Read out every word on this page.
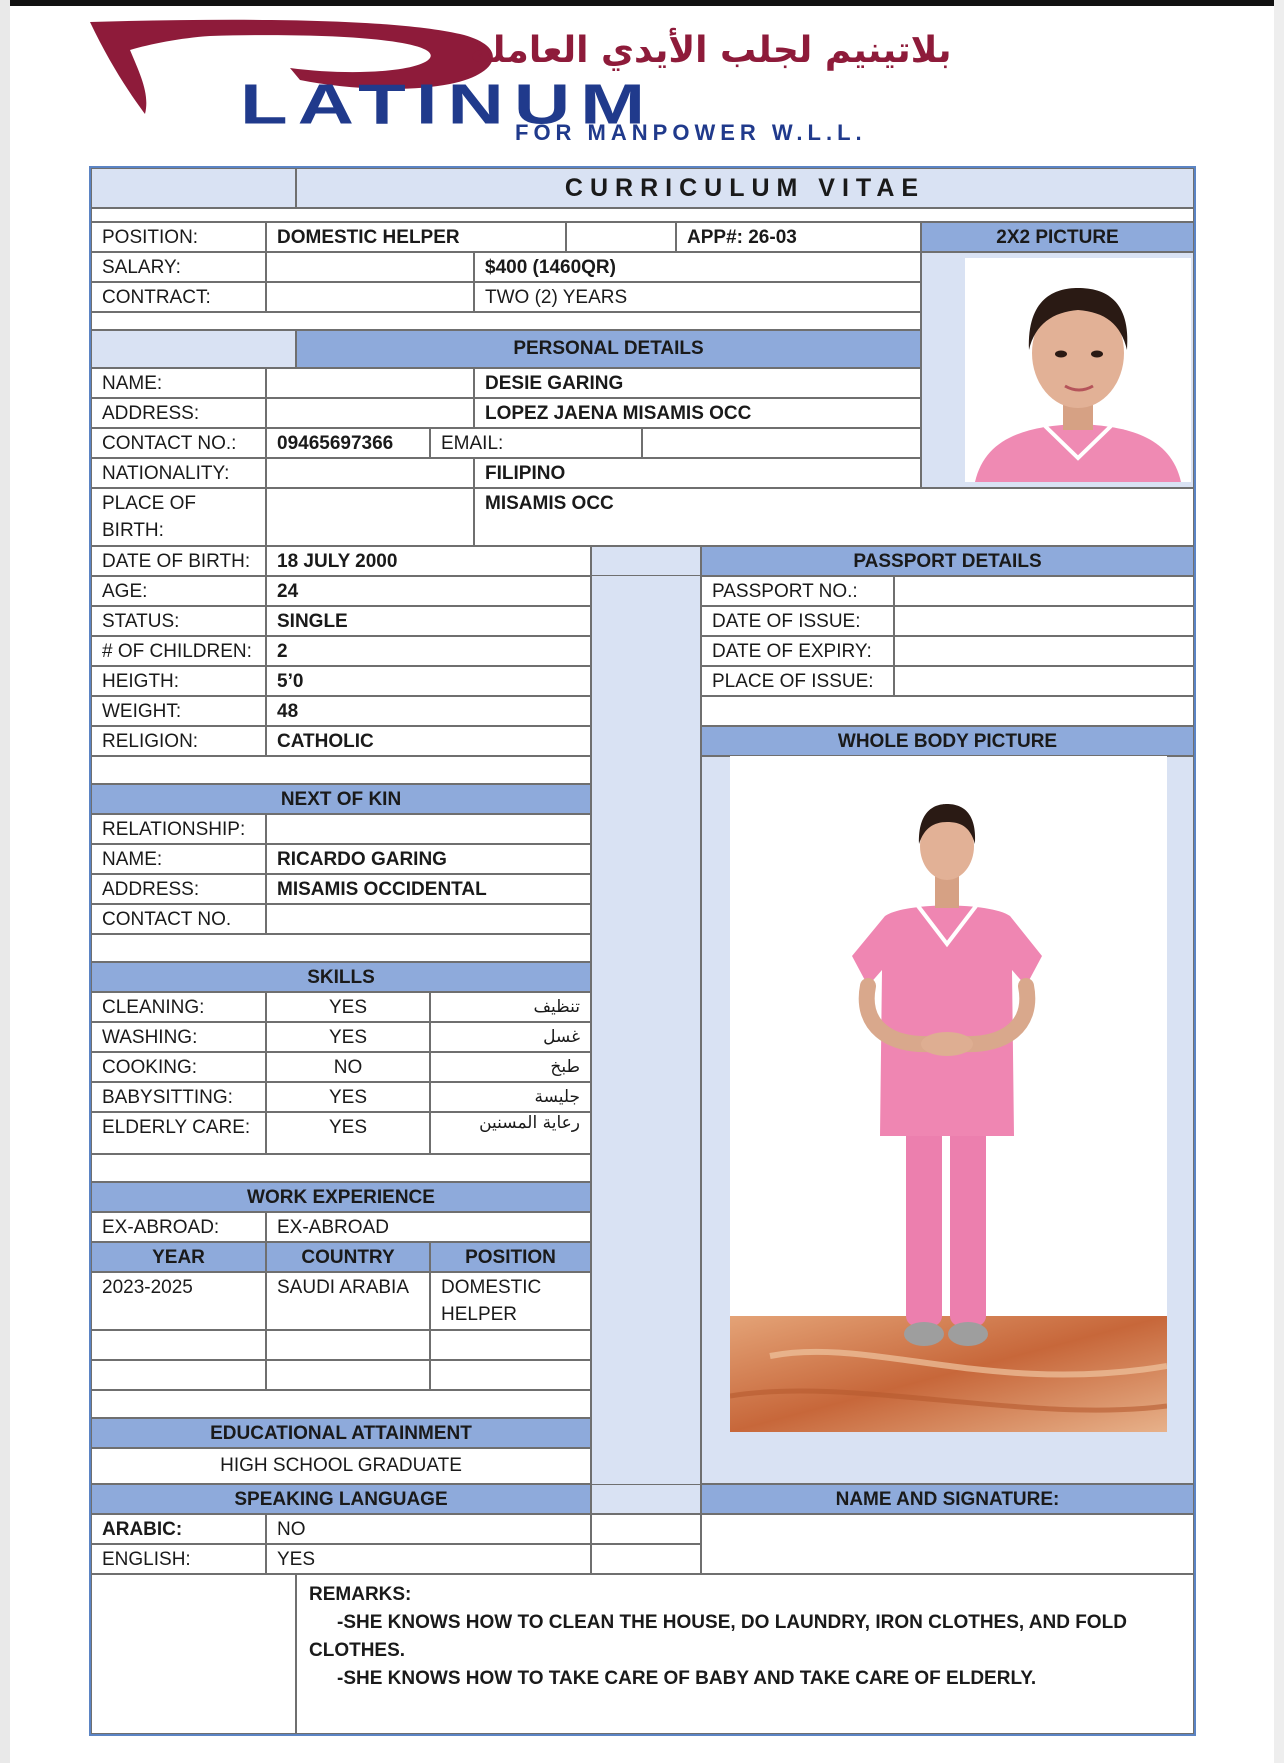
بلاتينيم لجلب الأيدي العاملة
LATINUM
FOR MANPOWER W.L.L.
CURRICULUM VITAE
POSITION:	DOMESTIC HELPER	APP#: 26-03	2X2 PICTURE
SALARY:	$400 (1460QR)
CONTRACT:	TWO (2) YEARS
PERSONAL DETAILS
NAME:	DESIE GARING
ADDRESS:	LOPEZ JAENA MISAMIS OCC
CONTACT NO.:	09465697366	EMAIL:
NATIONALITY:	FILIPINO
PLACE OF
BIRTH:
MISAMIS OCC
DATE OF BIRTH:	18 JULY 2000
AGE:	24
STATUS:	SINGLE
# OF CHILDREN:	2
HEIGTH:	5’0
WEIGHT:	48
RELIGION:	CATHOLIC
PASSPORT DETAILS
PASSPORT NO.:
DATE OF ISSUE:
DATE OF EXPIRY:
PLACE OF ISSUE:
WHOLE BODY PICTURE
NEXT OF KIN
RELATIONSHIP:
NAME:	RICARDO GARING
ADDRESS:	MISAMIS OCCIDENTAL
CONTACT NO.
SKILLS
CLEANING:	YES	تنظيف
WASHING:	YES	غسل
COOKING:	NO	طبخ
BABYSITTING:	YES	جليسة
ELDERLY CARE:	YES	رعاية المسنين
WORK EXPERIENCE
EX-ABROAD:	EX-ABROAD
YEAR	COUNTRY	POSITION
2023-2025	SAUDI ARABIA	DOMESTIC HELPER
EDUCATIONAL ATTAINMENT
HIGH SCHOOL GRADUATE
SPEAKING LANGUAGE	NAME AND SIGNATURE:
ARABIC:	NO
ENGLISH:	YES
REMARKS:
-SHE KNOWS HOW TO CLEAN THE HOUSE, DO LAUNDRY, IRON CLOTHES, AND FOLD CLOTHES.
-SHE KNOWS HOW TO TAKE CARE OF BABY AND TAKE CARE OF ELDERLY.
